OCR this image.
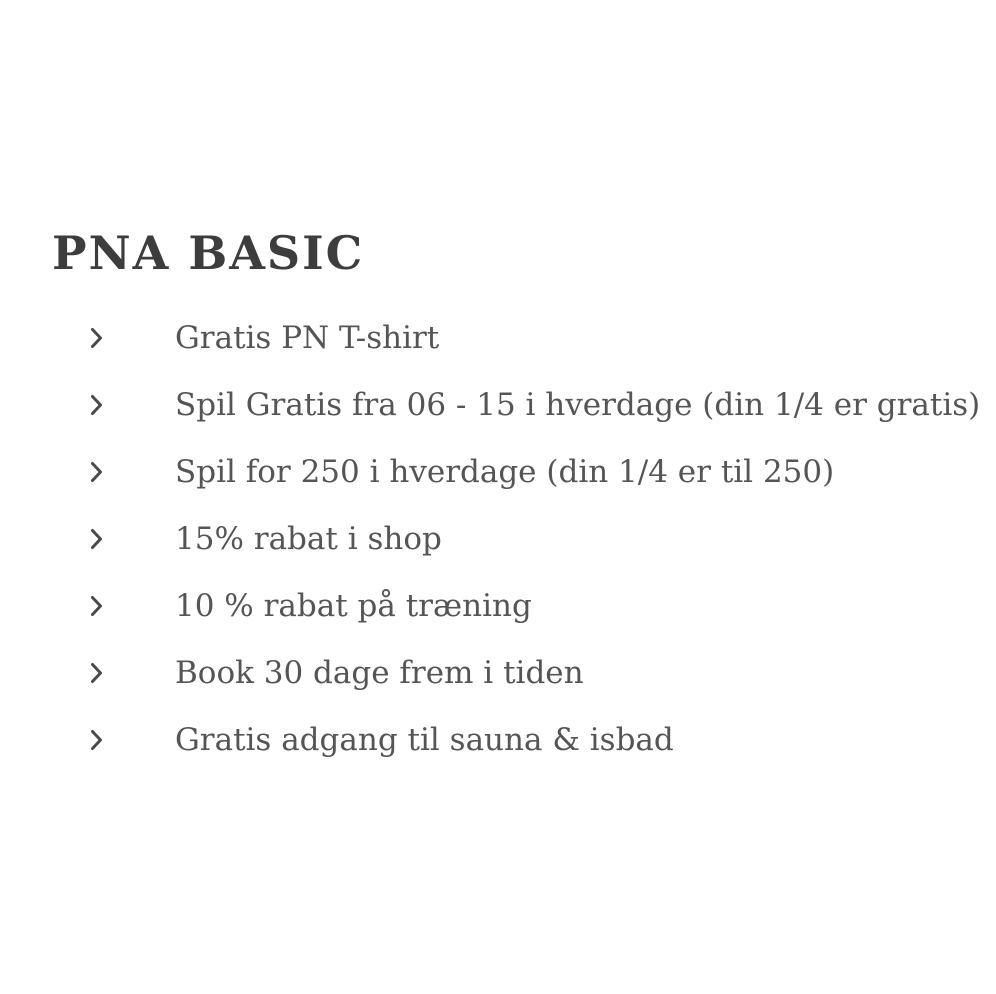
PNA BASIC
Gratis PN T-shirt
Spil Gratis fra 06 - 15 i hverdage (din 1/4 er gratis)
Spil for 250 i hverdage (din 1/4 er til 250)
15% rabat i shop
10 % rabat på træning
Book 30 dage frem i tiden
Gratis adgang til sauna & isbad
